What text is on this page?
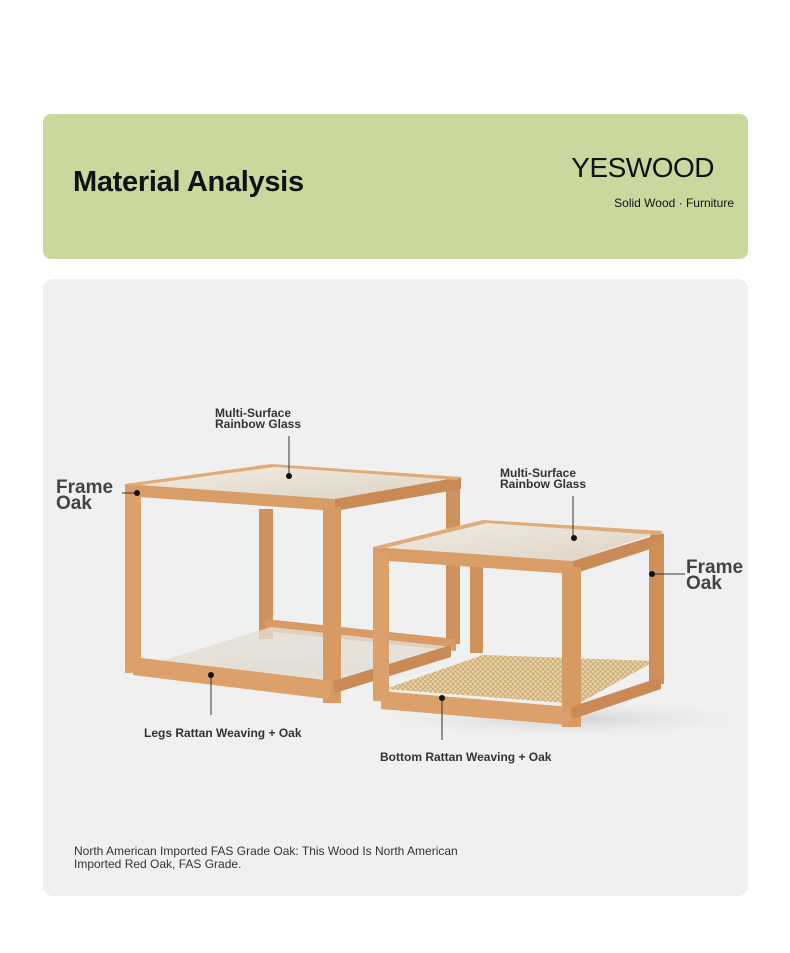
Material Analysis	YESWOOD
Solid Wood · Furniture
Multi-Surface
Rainbow Glass
Multi-Surface
Rainbow Glass
Frame
Oak
Frame
Oak
Legs Rattan Weaving + Oak
Bottom Rattan Weaving + Oak
North American Imported FAS Grade Oak: This Wood Is North American Imported Red Oak, FAS Grade.
